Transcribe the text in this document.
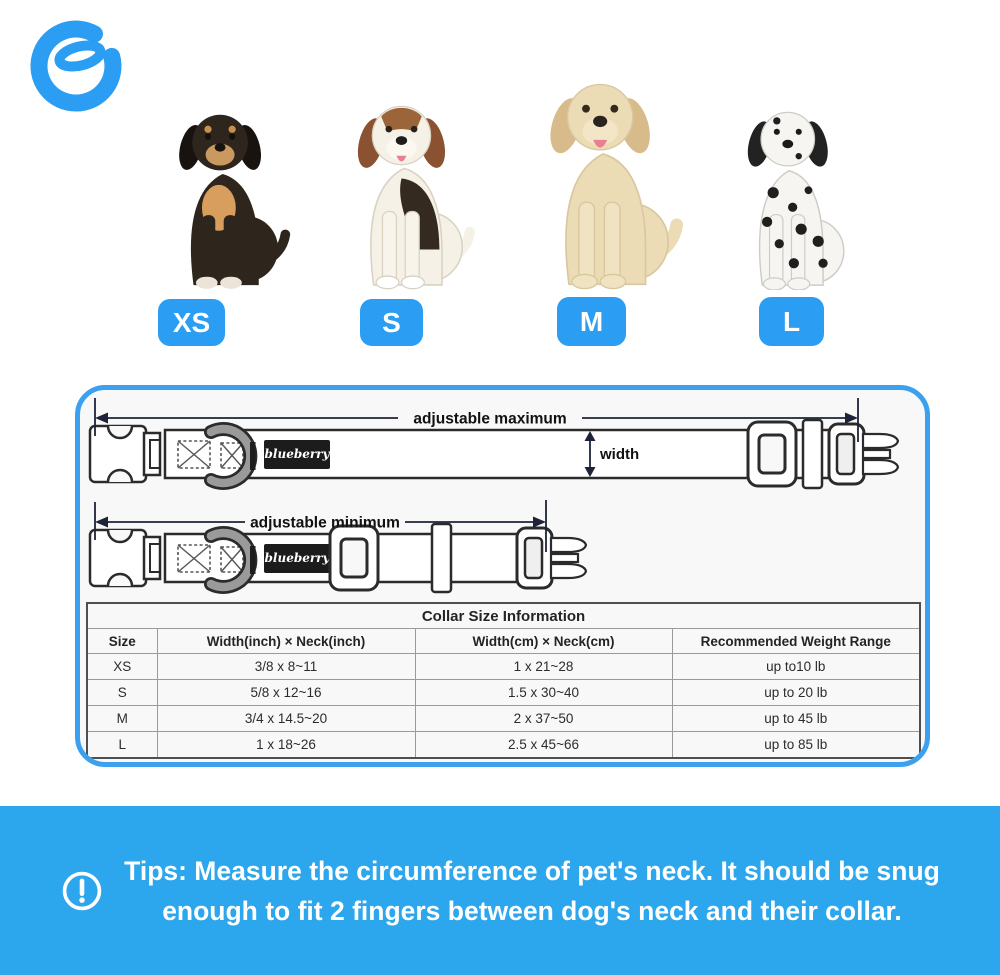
XS	S	M	L
blueberry	width
adjustable maximum
adjustable minimum
Collar Size Information			
Size	Width(inch) × Neck(inch)	Width(cm) × Neck(cm)	Recommended Weight Range
XS	3/8 x 8~11	1 x 21~28	up to10 lb
S	5/8 x 12~16	1.5 x 30~40	up to 20 lb
M	3/4 x 14.5~20	2 x 37~50	up to 45 lb
L	1 x 18~26	2.5 x 45~66	up to 85 lb
Tips: Measure the circumference of pet's neck. It should be snug
enough to fit 2 fingers between dog's neck and their collar.
